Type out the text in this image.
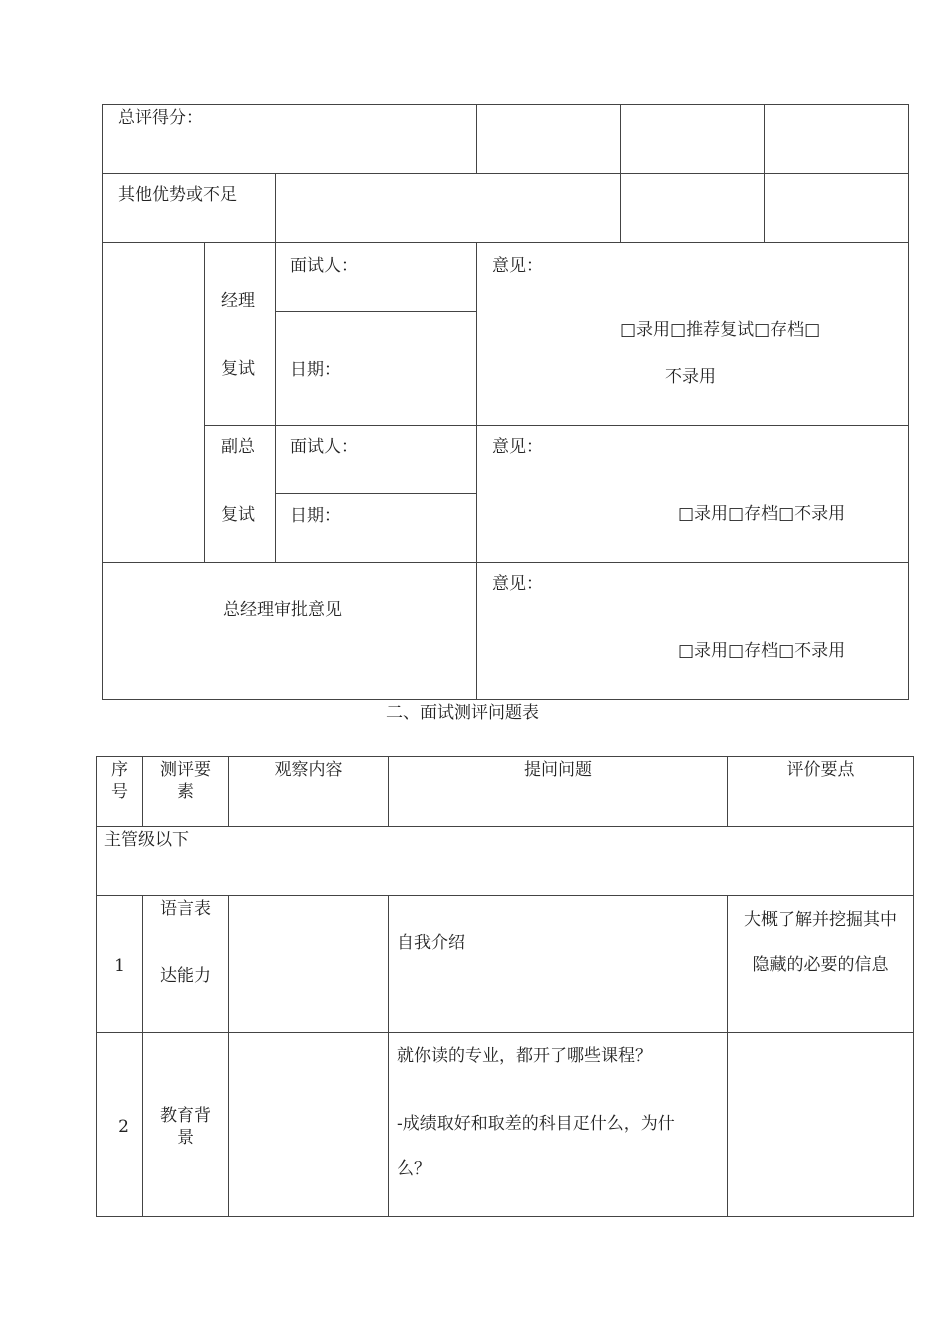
总评得分：
其他优势或不足
经理
复试
面试人：
日期：
意见：
□录用□推荐复试□存档□
不录用
副总
复试
面试人：
日期：
意见：
□录用□存档□不录用
总经理审批意见
意见：
□录用□存档□不录用
二、面试测评问题表
序
号
测评要
素
观察内容	提问问题	评价要点
主管级以下
1
语言表
达能力
自我介绍
大概了解并挖掘其中
隐藏的必要的信息
2
教育背
景
就你读的专业，都开了哪些课程？
-成绩取好和取差的科目疋什么，为什
么？
